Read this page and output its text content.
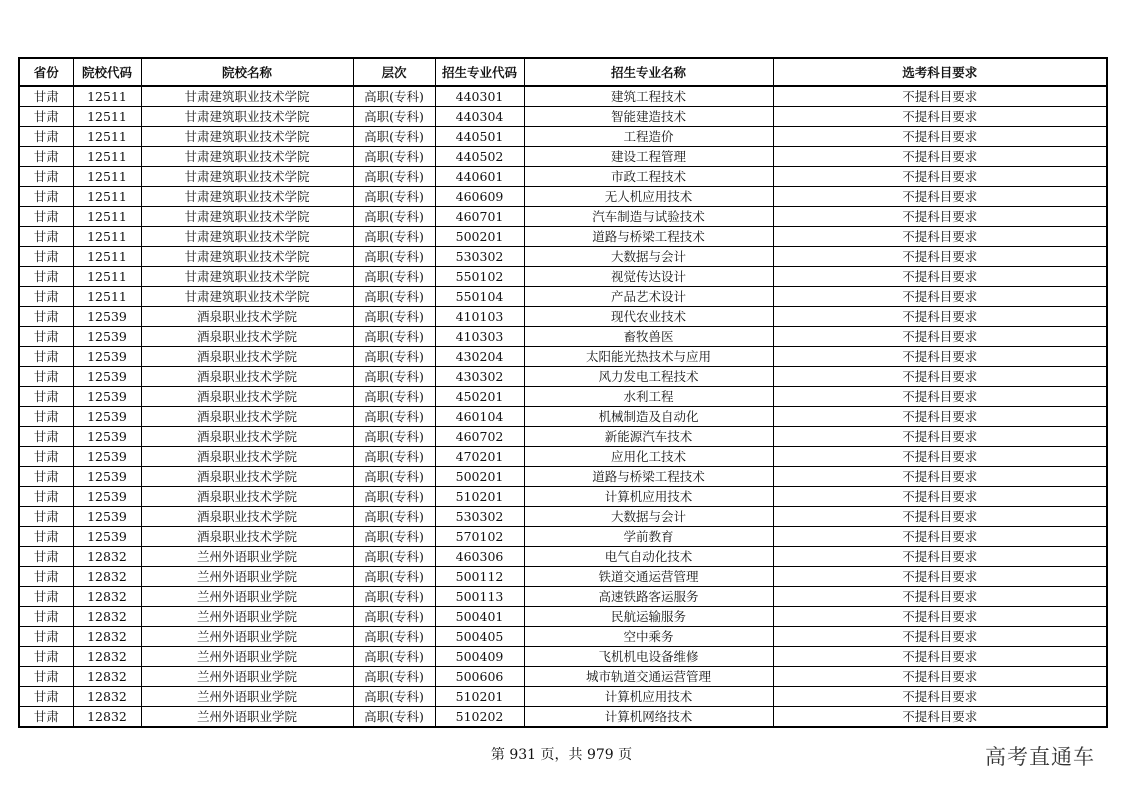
省份	院校代码	院校名称	层次	招生专业代码	招生专业名称	选考科目要求
甘肃	12511	甘肃建筑职业技术学院	高职(专科)	440301	建筑工程技术	不提科目要求
甘肃	12511	甘肃建筑职业技术学院	高职(专科)	440304	智能建造技术	不提科目要求
甘肃	12511	甘肃建筑职业技术学院	高职(专科)	440501	工程造价	不提科目要求
甘肃	12511	甘肃建筑职业技术学院	高职(专科)	440502	建设工程管理	不提科目要求
甘肃	12511	甘肃建筑职业技术学院	高职(专科)	440601	市政工程技术	不提科目要求
甘肃	12511	甘肃建筑职业技术学院	高职(专科)	460609	无人机应用技术	不提科目要求
甘肃	12511	甘肃建筑职业技术学院	高职(专科)	460701	汽车制造与试验技术	不提科目要求
甘肃	12511	甘肃建筑职业技术学院	高职(专科)	500201	道路与桥梁工程技术	不提科目要求
甘肃	12511	甘肃建筑职业技术学院	高职(专科)	530302	大数据与会计	不提科目要求
甘肃	12511	甘肃建筑职业技术学院	高职(专科)	550102	视觉传达设计	不提科目要求
甘肃	12511	甘肃建筑职业技术学院	高职(专科)	550104	产品艺术设计	不提科目要求
甘肃	12539	酒泉职业技术学院	高职(专科)	410103	现代农业技术	不提科目要求
甘肃	12539	酒泉职业技术学院	高职(专科)	410303	畜牧兽医	不提科目要求
甘肃	12539	酒泉职业技术学院	高职(专科)	430204	太阳能光热技术与应用	不提科目要求
甘肃	12539	酒泉职业技术学院	高职(专科)	430302	风力发电工程技术	不提科目要求
甘肃	12539	酒泉职业技术学院	高职(专科)	450201	水利工程	不提科目要求
甘肃	12539	酒泉职业技术学院	高职(专科)	460104	机械制造及自动化	不提科目要求
甘肃	12539	酒泉职业技术学院	高职(专科)	460702	新能源汽车技术	不提科目要求
甘肃	12539	酒泉职业技术学院	高职(专科)	470201	应用化工技术	不提科目要求
甘肃	12539	酒泉职业技术学院	高职(专科)	500201	道路与桥梁工程技术	不提科目要求
甘肃	12539	酒泉职业技术学院	高职(专科)	510201	计算机应用技术	不提科目要求
甘肃	12539	酒泉职业技术学院	高职(专科)	530302	大数据与会计	不提科目要求
甘肃	12539	酒泉职业技术学院	高职(专科)	570102	学前教育	不提科目要求
甘肃	12832	兰州外语职业学院	高职(专科)	460306	电气自动化技术	不提科目要求
甘肃	12832	兰州外语职业学院	高职(专科)	500112	铁道交通运营管理	不提科目要求
甘肃	12832	兰州外语职业学院	高职(专科)	500113	高速铁路客运服务	不提科目要求
甘肃	12832	兰州外语职业学院	高职(专科)	500401	民航运输服务	不提科目要求
甘肃	12832	兰州外语职业学院	高职(专科)	500405	空中乘务	不提科目要求
甘肃	12832	兰州外语职业学院	高职(专科)	500409	飞机机电设备维修	不提科目要求
甘肃	12832	兰州外语职业学院	高职(专科)	500606	城市轨道交通运营管理	不提科目要求
甘肃	12832	兰州外语职业学院	高职(专科)	510201	计算机应用技术	不提科目要求
甘肃	12832	兰州外语职业学院	高职(专科)	510202	计算机网络技术	不提科目要求
第 931 页，共 979 页	高考直通车
